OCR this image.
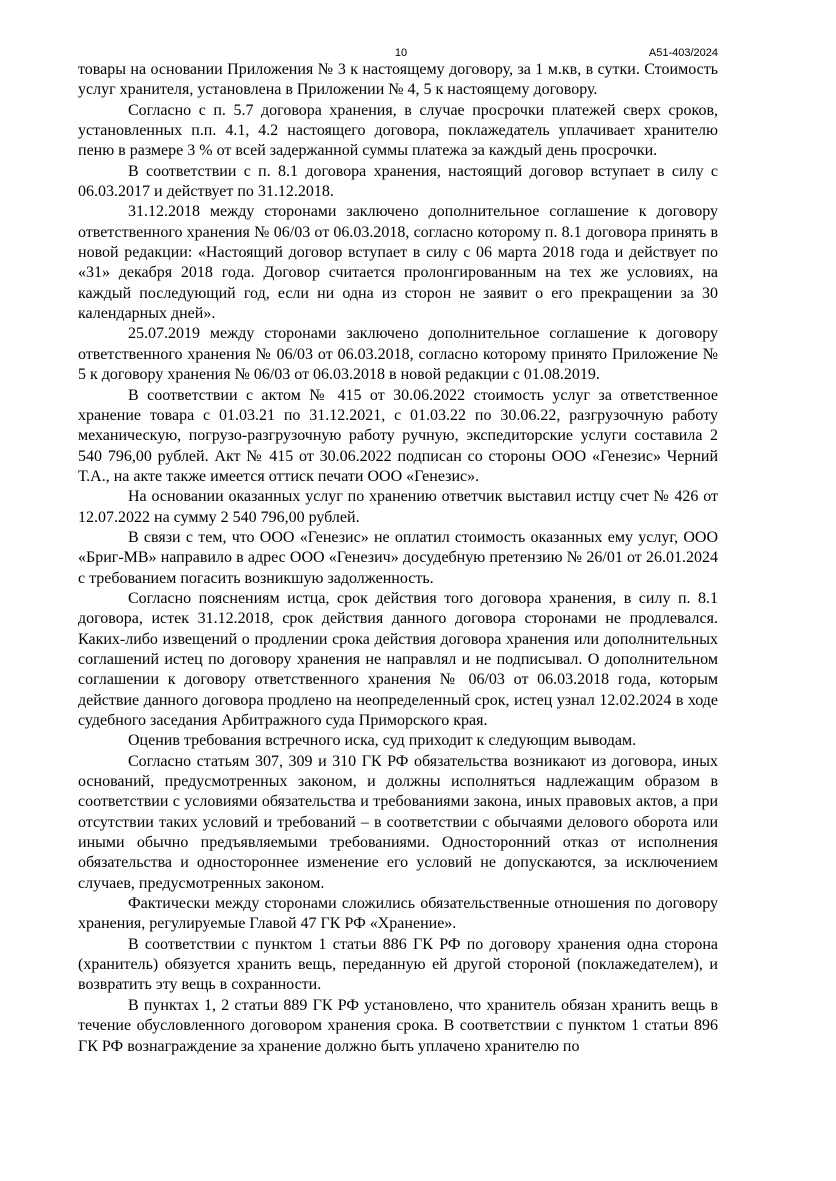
10	А51-403/2024

товары на основании Приложения № 3 к настоящему договору, за 1 м.кв, в сутки. Стоимость услуг хранителя, установлена в Приложении № 4, 5 к настоящему договору.

Согласно с п. 5.7 договора хранения, в случае просрочки платежей сверх сроков, установленных п.п. 4.1, 4.2 настоящего договора, поклажедатель уплачивает хранителю пеню в размере 3 % от всей задержанной суммы платежа за каждый день просрочки.

В соответствии с п. 8.1 договора хранения, настоящий договор вступает в силу с 06.03.2017 и действует по 31.12.2018.

31.12.2018 между сторонами заключено дополнительное соглашение к договору ответственного хранения № 06/03 от 06.03.2018, согласно которому п. 8.1 договора принять в новой редакции: «Настоящий договор вступает в силу с 06 марта 2018 года и действует по «31» декабря 2018 года. Договор считается пролонгированным на тех же условиях, на каждый последующий год, если ни одна из сторон не заявит о его прекращении за 30 календарных дней».

25.07.2019 между сторонами заключено дополнительное соглашение к договору ответственного хранения № 06/03 от 06.03.2018, согласно которому принято Приложение № 5 к договору хранения № 06/03 от 06.03.2018 в новой редакции с 01.08.2019.

В соответствии с актом № 415 от 30.06.2022 стоимость услуг за ответственное хранение товара с 01.03.21 по 31.12.2021, с 01.03.22 по 30.06.22, разгрузочную работу механическую, погрузо-разгрузочную работу ручную, экспедиторские услуги составила 2 540 796,00 рублей. Акт № 415 от 30.06.2022 подписан со стороны ООО «Генезис» Черний Т.А., на акте также имеется оттиск печати ООО «Генезис».

На основании оказанных услуг по хранению ответчик выставил истцу счет № 426 от 12.07.2022 на сумму 2 540 796,00 рублей.

В связи с тем, что ООО «Генезис» не оплатил стоимость оказанных ему услуг, ООО «Бриг-МВ» направило в адрес ООО «Генезич» досудебную претензию № 26/01 от 26.01.2024 с требованием погасить возникшую задолженность.

Согласно пояснениям истца, срок действия того договора хранения, в силу п. 8.1 договора, истек 31.12.2018, срок действия данного договора сторонами не продлевался. Каких-либо извещений о продлении срока действия договора хранения или дополнительных соглашений истец по договору хранения не направлял и не подписывал. О дополнительном соглашении к договору ответственного хранения № 06/03 от 06.03.2018 года, которым действие данного договора продлено на неопределенный срок, истец узнал 12.02.2024 в ходе судебного заседания Арбитражного суда Приморского края.

Оценив требования встречного иска, суд приходит к следующим выводам.

Согласно статьям 307, 309 и 310 ГК РФ обязательства возникают из договора, иных оснований, предусмотренных законом, и должны исполняться надлежащим образом в соответствии с условиями обязательства и требованиями закона, иных правовых актов, а при отсутствии таких условий и требований – в соответствии с обычаями делового оборота или иными обычно предъявляемыми требованиями. Односторонний отказ от исполнения обязательства и одностороннее изменение его условий не допускаются, за исключением случаев, предусмотренных законом.

Фактически между сторонами сложились обязательственные отношения по договору хранения, регулируемые Главой 47 ГК РФ «Хранение».

В соответствии с пунктом 1 статьи 886 ГК РФ по договору хранения одна сторона (хранитель) обязуется хранить вещь, переданную ей другой стороной (поклажедателем), и возвратить эту вещь в сохранности.

В пунктах 1, 2 статьи 889 ГК РФ установлено, что хранитель обязан хранить вещь в течение обусловленного договором хранения срока. В соответствии с пунктом 1 статьи 896 ГК РФ вознаграждение за хранение должно быть уплачено хранителю по
